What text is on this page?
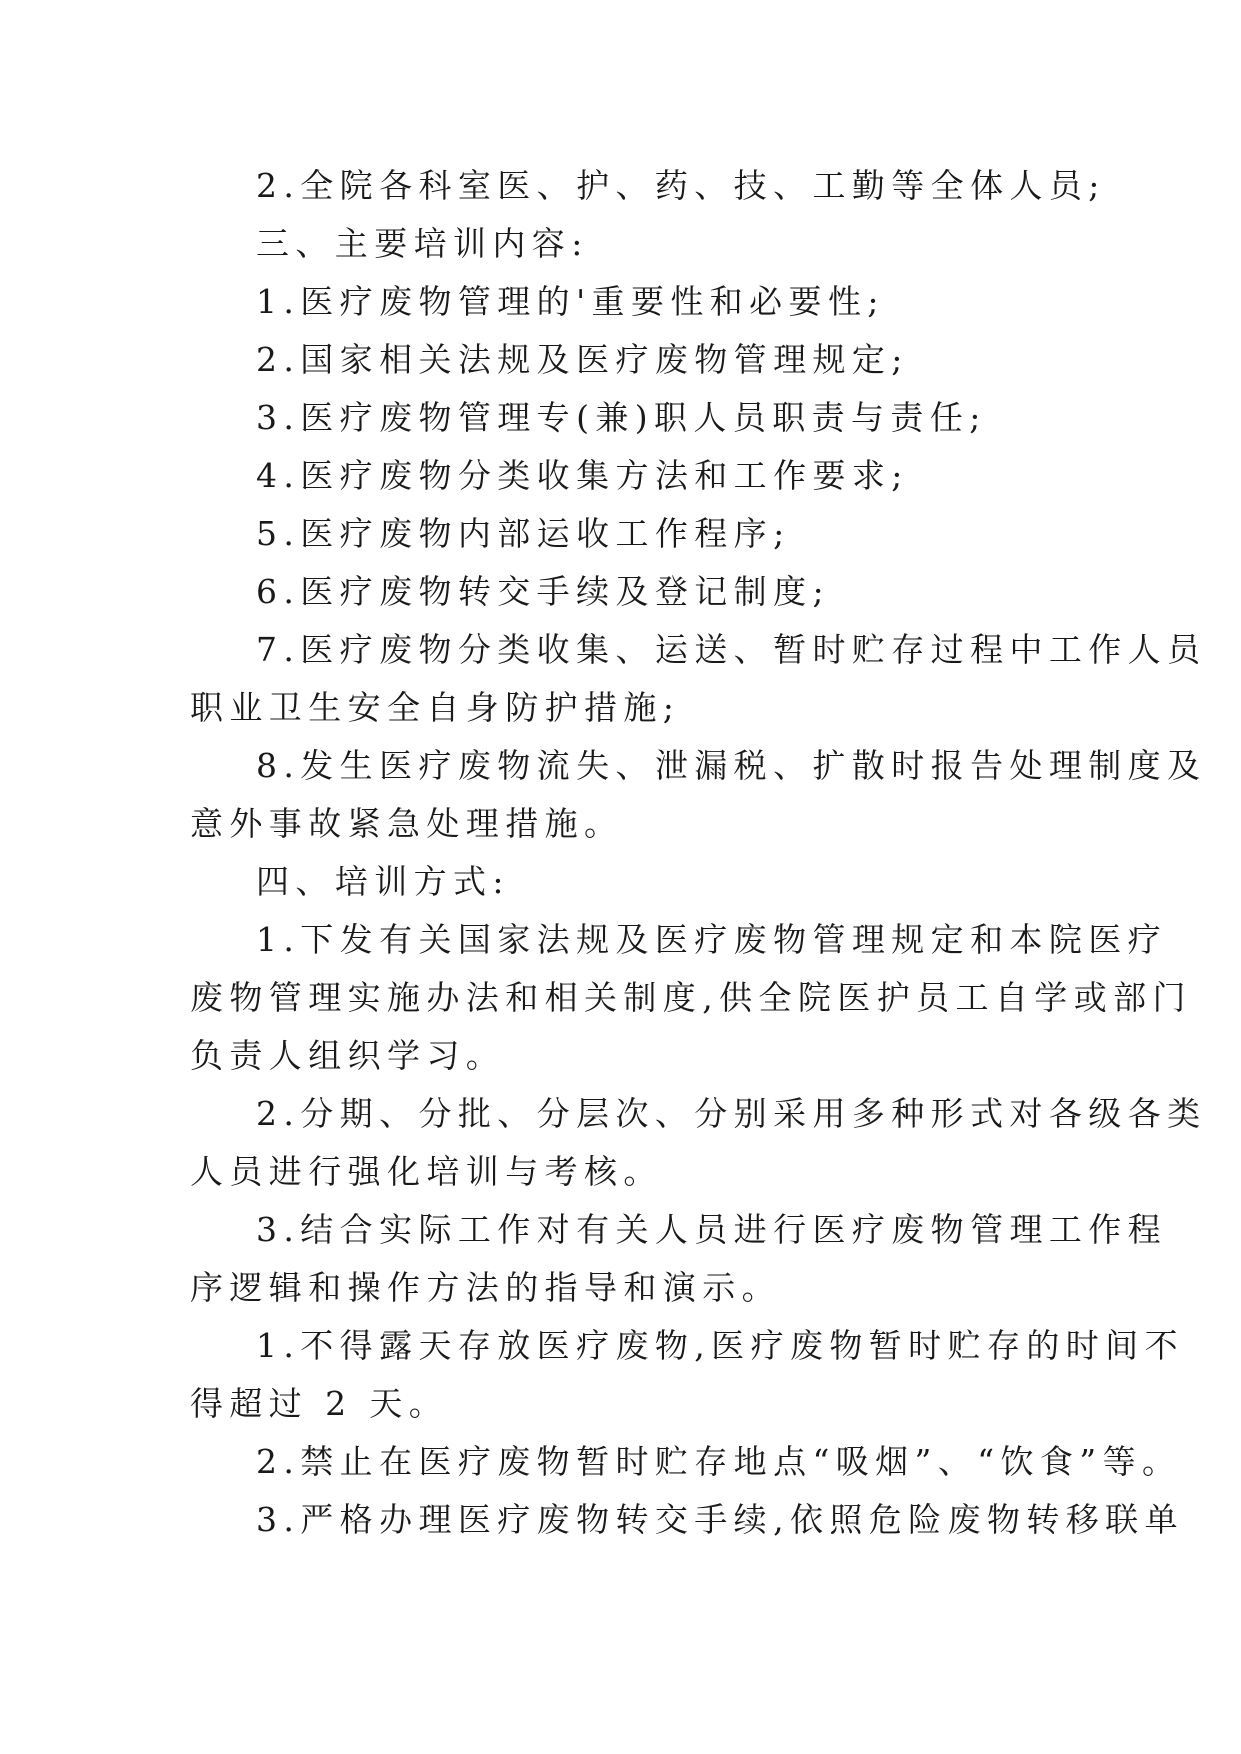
2.全院各科室医、护、药、技、工勤等全体人员;
三、主要培训内容:
1.医疗废物管理的'重要性和必要性;
2.国家相关法规及医疗废物管理规定;
3.医疗废物管理专(兼)职人员职责与责任;
4.医疗废物分类收集方法和工作要求;
5.医疗废物内部运收工作程序;
6.医疗废物转交手续及登记制度;
7.医疗废物分类收集、运送、暂时贮存过程中工作人员
职业卫生安全自身防护措施;
8.发生医疗废物流失、泄漏税、扩散时报告处理制度及
意外事故紧急处理措施。
四、培训方式:
1.下发有关国家法规及医疗废物管理规定和本院医疗
废物管理实施办法和相关制度,供全院医护员工自学或部门
负责人组织学习。
2.分期、分批、分层次、分别采用多种形式对各级各类
人员进行强化培训与考核。
3.结合实际工作对有关人员进行医疗废物管理工作程
序逻辑和操作方法的指导和演示。
1.不得露天存放医疗废物,医疗废物暂时贮存的时间不
得超过 2 天。
2.禁止在医疗废物暂时贮存地点“吸烟”、“饮食”等。
3.严格办理医疗废物转交手续,依照危险废物转移联单
